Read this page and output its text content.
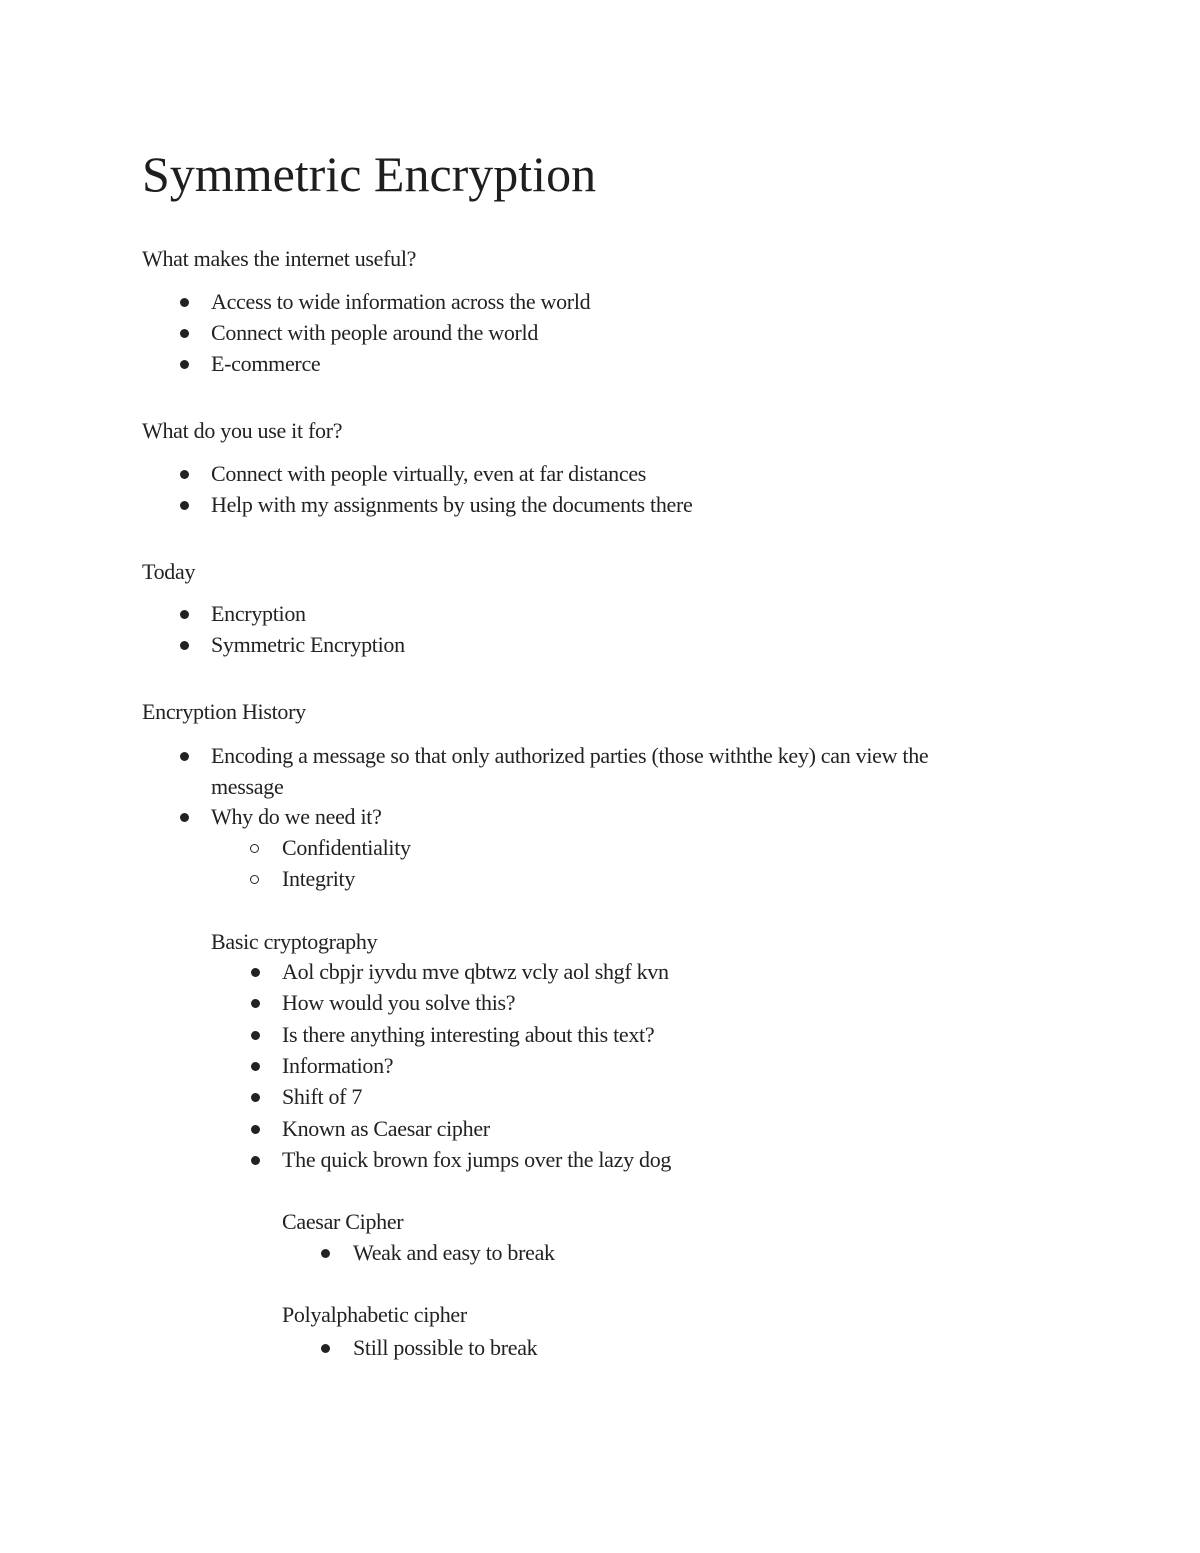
Symmetric Encryption
What makes the internet useful?
Access to wide information across the world
Connect with people around the world
E-commerce
What do you use it for?
Connect with people virtually, even at far distances
Help with my assignments by using the documents there
Today
Encryption
Symmetric Encryption
Encryption History
Encoding a message so that only authorized parties (those withthe key) can view the
message
Why do we need it?
Confidentiality
Integrity
Basic cryptography
Aol cbpjr iyvdu mve qbtwz vcly aol shgf kvn
How would you solve this?
Is there anything interesting about this text?
Information?
Shift of 7
Known as Caesar cipher
The quick brown fox jumps over the lazy dog
Caesar Cipher
Weak and easy to break
Polyalphabetic cipher
Still possible to break
